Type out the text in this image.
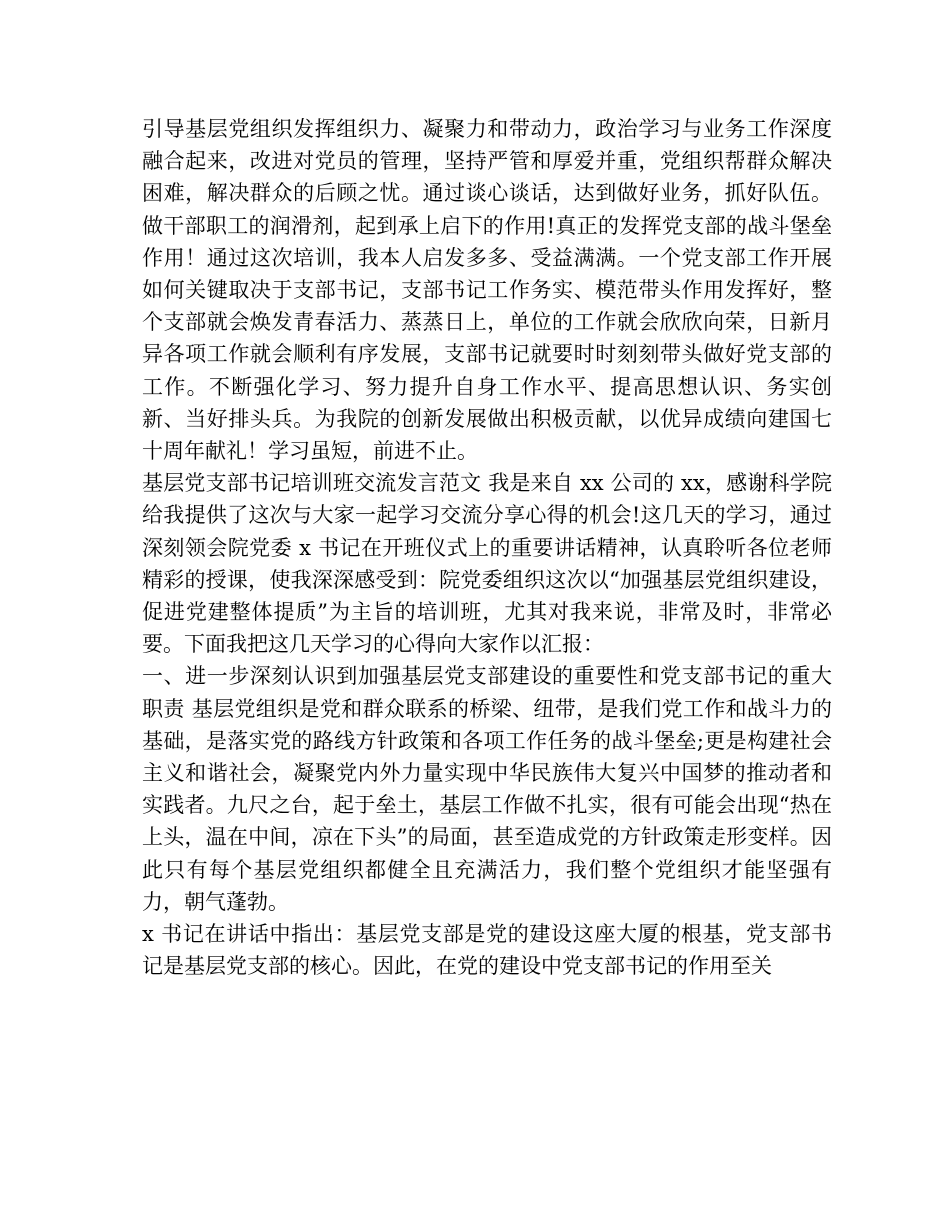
引导基层党组织发挥组织力、凝聚力和带动力，政治学习与业务工作深度融合起来，改进对党员的管理，坚持严管和厚爱并重，党组织帮群众解决困难，解决群众的后顾之忧。通过谈心谈话，达到做好业务，抓好队伍。做干部职工的润滑剂，起到承上启下的作用!真正的发挥党支部的战斗堡垒作用！通过这次培训，我本人启发多多、受益满满。一个党支部工作开展如何关键取决于支部书记，支部书记工作务实、模范带头作用发挥好，整个支部就会焕发青春活力、蒸蒸日上，单位的工作就会欣欣向荣，日新月异各项工作就会顺利有序发展，支部书记就要时时刻刻带头做好党支部的工作。不断强化学习、努力提升自身工作水平、提高思想认识、务实创新、当好排头兵。为我院的创新发展做出积极贡献，以优异成绩向建国七十周年献礼！学习虽短，前进不止。

基层党支部书记培训班交流发言范文 我是来自 xx 公司的 xx，感谢科学院给我提供了这次与大家一起学习交流分享心得的机会!这几天的学习，通过深刻领会院党委 x 书记在开班仪式上的重要讲话精神，认真聆听各位老师精彩的授课，使我深深感受到：院党委组织这次以“加强基层党组织建设，促进党建整体提质”为主旨的培训班，尤其对我来说，非常及时，非常必要。下面我把这几天学习的心得向大家作以汇报：

一、进一步深刻认识到加强基层党支部建设的重要性和党支部书记的重大职责 基层党组织是党和群众联系的桥梁、纽带，是我们党工作和战斗力的基础，是落实党的路线方针政策和各项工作任务的战斗堡垒;更是构建社会主义和谐社会，凝聚党内外力量实现中华民族伟大复兴中国梦的推动者和实践者。九尺之台，起于垒土，基层工作做不扎实，很有可能会出现“热在上头，温在中间，凉在下头”的局面，甚至造成党的方针政策走形变样。因此只有每个基层党组织都健全且充满活力，我们整个党组织才能坚强有力，朝气蓬勃。

x 书记在讲话中指出：基层党支部是党的建设这座大厦的根基，党支部书记是基层党支部的核心。因此，在党的建设中党支部书记的作用至关
